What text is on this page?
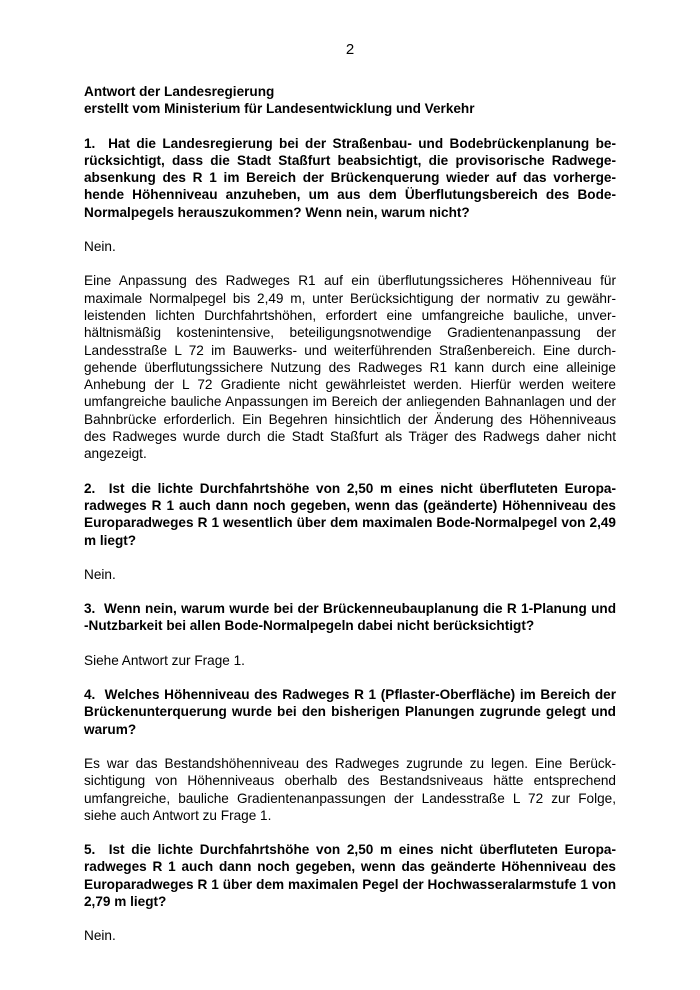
2
Antwort der Landesregierung
erstellt vom Ministerium für Landesentwicklung und Verkehr

1.  Hat die Landesregierung bei der Straßenbau- und Bodebrückenplanung berücksichtigt, dass die Stadt Staßfurt beabsichtigt, die provisorische Radwegeabsenkung des R 1 im Bereich der Brückenquerung wieder auf das vorhergehende Höhenniveau anzuheben, um aus dem Überflutungsbereich des Bode-Normalpegels herauszukommen? Wenn nein, warum nicht?

Nein.

Eine Anpassung des Radweges R1 auf ein überflutungssicheres Höhenniveau für maximale Normalpegel bis 2,49 m, unter Berücksichtigung der normativ zu gewährleistenden lichten Durchfahrtshöhen, erfordert eine umfangreiche bauliche, unverhältnismäßig kostenintensive, beteiligungsnotwendige Gradientenanpassung der Landesstraße L 72 im Bauwerks- und weiterführenden Straßenbereich. Eine durchgehende überflutungssichere Nutzung des Radweges R1 kann durch eine alleinige Anhebung der L 72 Gradiente nicht gewährleistet werden. Hierfür werden weitere umfangreiche bauliche Anpassungen im Bereich der anliegenden Bahnanlagen und der Bahnbrücke erforderlich. Ein Begehren hinsichtlich der Änderung des Höhenniveaus des Radweges wurde durch die Stadt Staßfurt als Träger des Radwegs daher nicht angezeigt.

2.  Ist die lichte Durchfahrtshöhe von 2,50 m eines nicht überfluteten Europaradweges R 1 auch dann noch gegeben, wenn das (geänderte) Höhenniveau des Europaradweges R 1 wesentlich über dem maximalen Bode-Normalpegel von 2,49 m liegt?

Nein.

3.  Wenn nein, warum wurde bei der Brückenneubauplanung die R 1-Planung und -Nutzbarkeit bei allen Bode-Normalpegeln dabei nicht berücksichtigt?

Siehe Antwort zur Frage 1.

4.  Welches Höhenniveau des Radweges R 1 (Pflaster-Oberfläche) im Bereich der Brückenunterquerung wurde bei den bisherigen Planungen zugrunde gelegt und warum?

Es war das Bestandshöhenniveau des Radweges zugrunde zu legen. Eine Berücksichtigung von Höhenniveaus oberhalb des Bestandsniveaus hätte entsprechend umfangreiche, bauliche Gradientenanpassungen der Landesstraße L 72 zur Folge, siehe auch Antwort zu Frage 1.

5.  Ist die lichte Durchfahrtshöhe von 2,50 m eines nicht überfluteten Europaradweges R 1 auch dann noch gegeben, wenn das geänderte Höhenniveau des Europaradweges R 1 über dem maximalen Pegel der Hochwasseralarmstufe 1 von 2,79 m liegt?

Nein.
